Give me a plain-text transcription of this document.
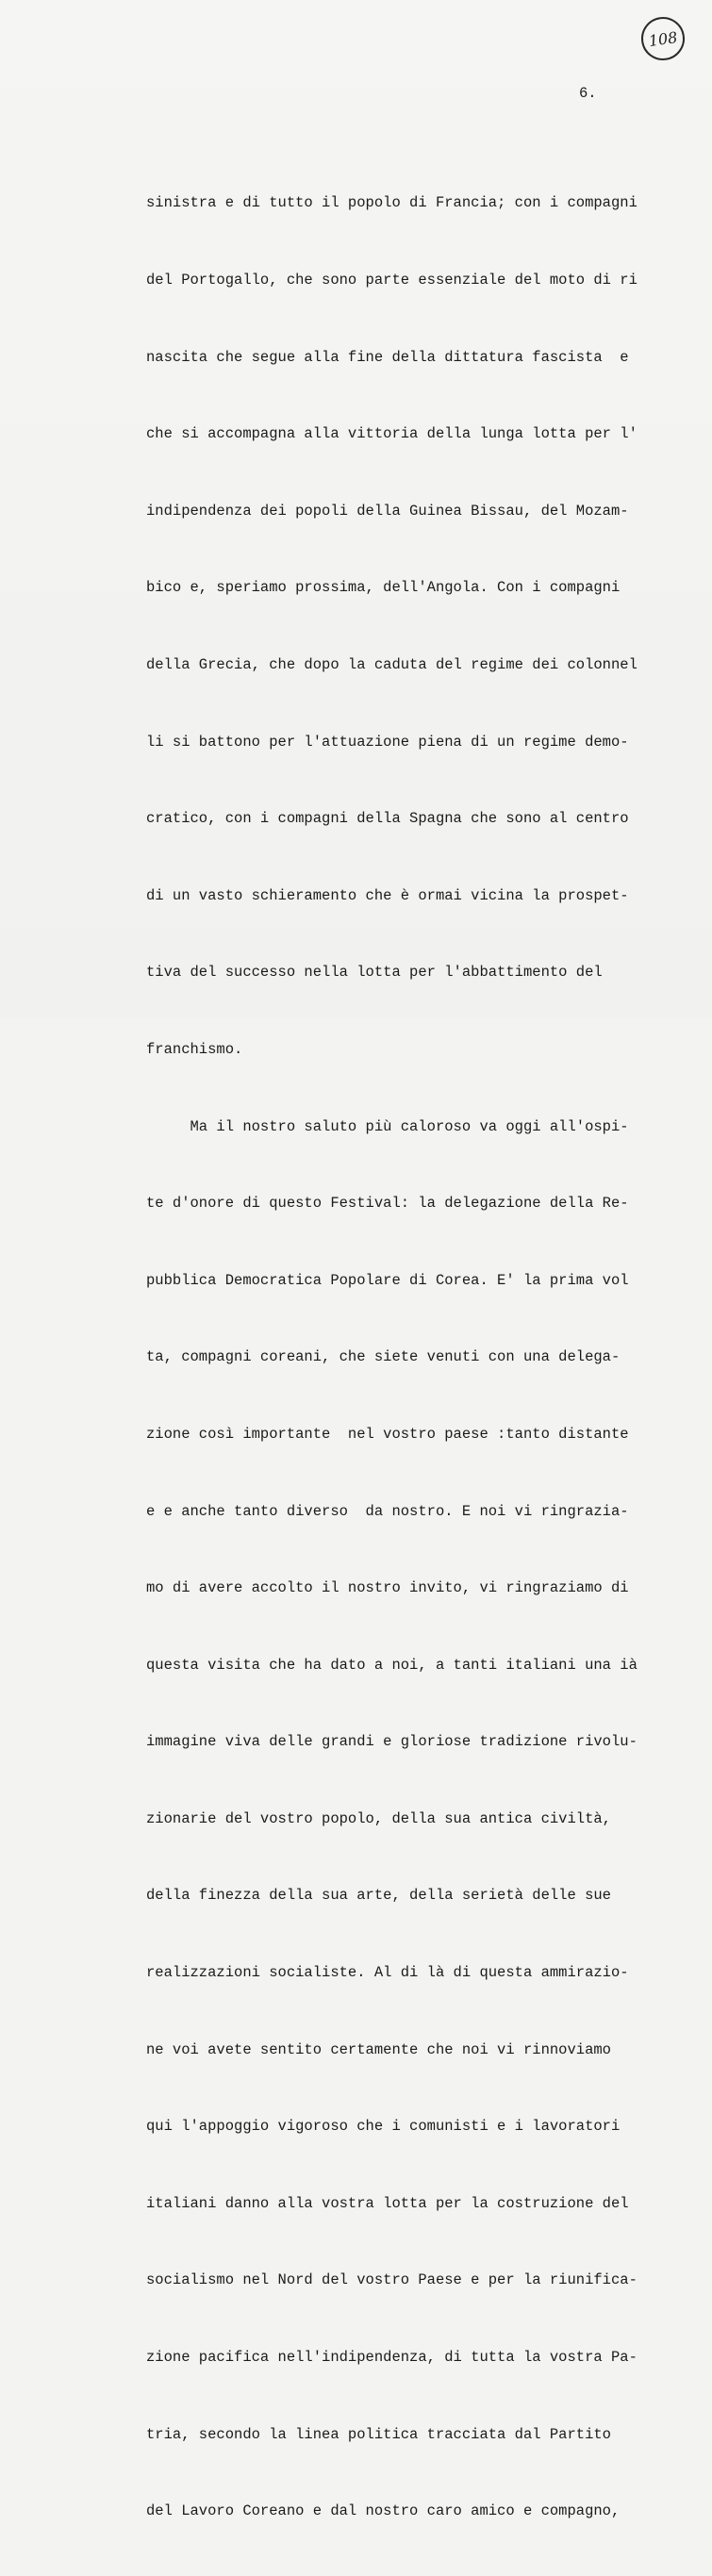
108
6.

sinistra e di tutto il popolo di Francia; con i compagni

del Portogallo, che sono parte essenziale del moto di ri

nascita che segue alla fine della dittatura fascista  e

che si accompagna alla vittoria della lunga lotta per l'

indipendenza dei popoli della Guinea Bissau, del Mozam-

bico e, speriamo prossima, dell'Angola. Con i compagni

della Grecia, che dopo la caduta del regime dei colonnel

li si battono per l'attuazione piena di un regime demo-

cratico, con i compagni della Spagna che sono al centro

di un vasto schieramento che è ormai vicina la prospet-

tiva del successo nella lotta per l'abbattimento del

franchismo.

Ma il nostro saluto più caloroso va oggi all'ospi-

te d'onore di questo Festival: la delegazione della Re-

pubblica Democratica Popolare di Corea. E' la prima vol

ta, compagni coreani, che siete venuti con una delega-

zione così importante  nel vostro paese :tanto distante

e e anche tanto diverso  da nostro. E noi vi ringrazia-

mo di avere accolto il nostro invito, vi ringraziamo di

questa visita che ha dato a noi, a tanti italiani una ià

immagine viva delle grandi e gloriose tradizione rivolu-

zionarie del vostro popolo, della sua antica civiltà,

della finezza della sua arte, della serietà delle sue

realizzazioni socialiste. Al di là di questa ammirazio-

ne voi avete sentito certamente che noi vi rinnoviamo

qui l'appoggio vigoroso che i comunisti e i lavoratori

italiani danno alla vostra lotta per la costruzione del

socialismo nel Nord del vostro Paese e per la riunifica-

zione pacifica nell'indipendenza, di tutta la vostra Pa-

tria, secondo la linea politica tracciata dal Partito

del Lavoro Coreano e dal nostro caro amico e compagno,
